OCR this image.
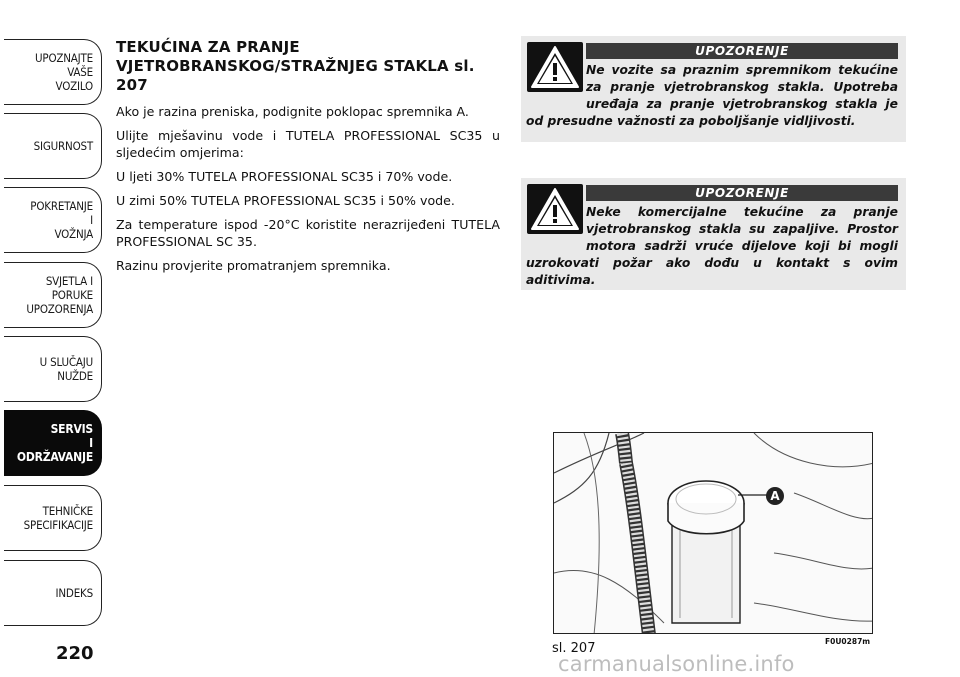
UPOZNAJTE
VAŠE
VOZILO
SIGURNOST
POKRETANJE
I
VOŽNJA
SVJETLA I
PORUKE
UPOZORENJA
U SLUČAJU
NUŽDE
SERVIS
I
ODRŽAVANJE
TEHNIČKE
SPECIFIKACIJE
INDEKS
220
TEKUĆINA ZA PRANJE
VJETROBRANSKOG/STRAŽNJEG STAKLA sl. 207

Ako je razina preniska, podignite poklopac spremnika A.

Ulijte mješavinu vode i TUTELA PROFESSIONAL SC35 u sljedećim omjerima:

U ljeti 30% TUTELA PROFESSIONAL SC35 i 70% vode.

U zimi 50% TUTELA PROFESSIONAL SC35 i 50% vode.

Za temperature ispod -20°C koristite nerazrijeđeni TUTELA PROFESSIONAL SC 35.

Razinu provjerite promatranjem spremnika.

UPOZORENJE
Ne vozite sa praznim spremnikom tekućine za pranje vjetrobranskog stakla. Upotreba uređaja za pranje vjetrobranskog stakla je od presudne važnosti za poboljšanje vidljivosti.
UPOZORENJE
Neke komercijalne tekućine za pranje vjetrobranskog stakla su zapaljive. Prostor motora sadrži vruće dijelove koji bi mogli uzrokovati požar ako dođu u kontakt s ovim aditivima.
A
sl. 207	F0U0287m
carmanualsonline.info
